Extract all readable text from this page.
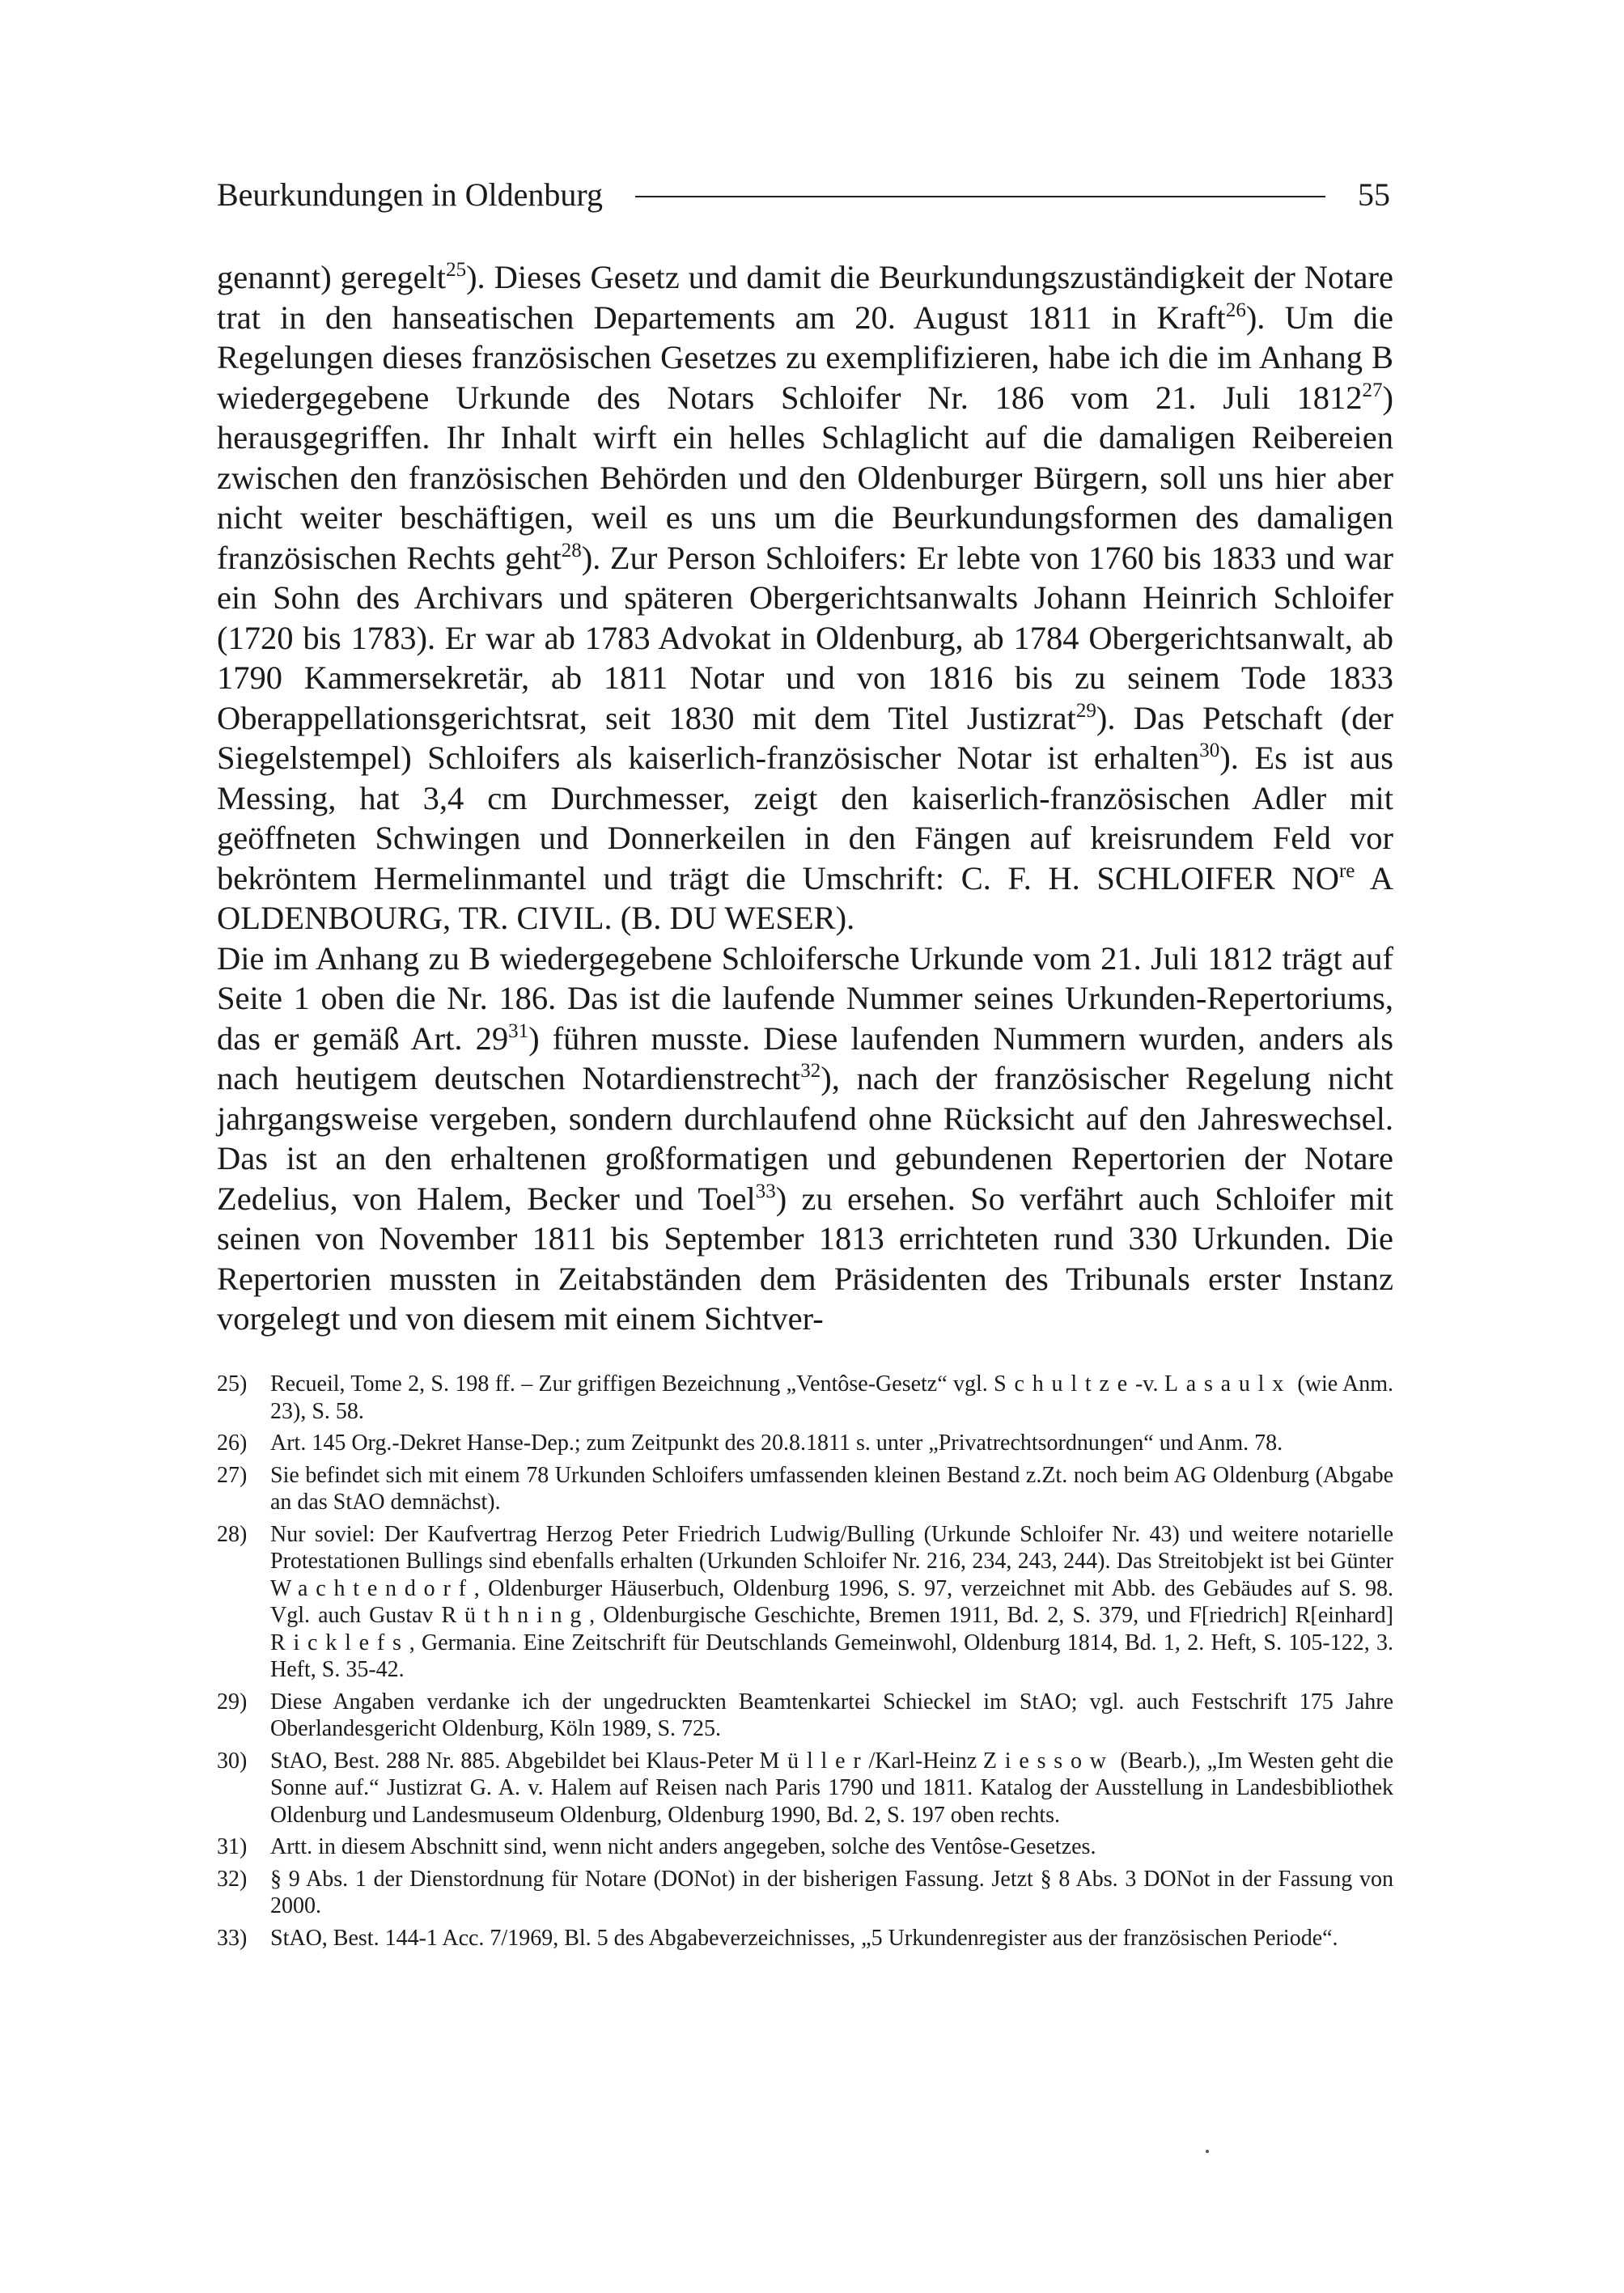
Beurkundungen in Oldenburg	55

genannt) geregelt$^{25}$). Dieses Gesetz und damit die Beurkundungszuständigkeit der Notare trat in den hanseatischen Departements am 20. August 1811 in Kraft$^{26}$). Um die Regelungen dieses französischen Gesetzes zu exemplifizieren, habe ich die im Anhang B wiedergegebene Urkunde des Notars Schloifer Nr. 186 vom 21. Juli 1812$^{27}$) herausgegriffen. Ihr Inhalt wirft ein helles Schlaglicht auf die damaligen Reibereien zwischen den französischen Behörden und den Oldenburger Bürgern, soll uns hier aber nicht weiter beschäftigen, weil es uns um die Beurkundungsformen des damaligen französischen Rechts geht$^{28}$). Zur Person Schloifers: Er lebte von 1760 bis 1833 und war ein Sohn des Archivars und späteren Obergerichtsanwalts Johann Heinrich Schloifer (1720 bis 1783). Er war ab 1783 Advokat in Oldenburg, ab 1784 Obergerichtsanwalt, ab 1790 Kammersekretär, ab 1811 Notar und von 1816 bis zu seinem Tode 1833 Oberappellationsgerichtsrat, seit 1830 mit dem Titel Justizrat$^{29}$). Das Petschaft (der Siegelstempel) Schloifers als kaiserlich-französischer Notar ist erhalten$^{30}$). Es ist aus Messing, hat 3,4 cm Durchmesser, zeigt den kaiserlich-französischen Adler mit geöffneten Schwingen und Donnerkeilen in den Fängen auf kreisrundem Feld vor bekröntem Hermelinmantel und trägt die Umschrift: C. F. H. SCHLOIFER $NO^{re}$ A OLDENBOURG, TR. CIVIL. (B. DU WESER).

Die im Anhang zu B wiedergegebene Schloifersche Urkunde vom 21. Juli 1812 trägt auf Seite 1 oben die Nr. 186. Das ist die laufende Nummer seines Urkunden-Repertoriums, das er gemäß Art. $29^{31}$) führen musste. Diese laufenden Nummern wurden, anders als nach heutigem deutschen Notardienstrecht$^{32}$), nach der französischer Regelung nicht jahrgangsweise vergeben, sondern durchlaufend ohne Rücksicht auf den Jahreswechsel. Das ist an den erhaltenen großformatigen und gebundenen Repertorien der Notare Zedelius, von Halem, Becker und Toel$^{33}$) zu ersehen. So verfährt auch Schloifer mit seinen von November 1811 bis September 1813 errichteten rund 330 Urkunden. Die Repertorien mussten in Zeitabständen dem Präsidenten des Tribunals erster Instanz vorgelegt und von diesem mit einem Sichtver-

25)	Recueil, Tome 2, S. 198 ff. – Zur griffigen Bezeichnung „Ventôse-Gesetz“ vgl. Schultze-v. Lasaulx (wie Anm. 23), S. 58.
26)	Art. 145 Org.-Dekret Hanse-Dep.; zum Zeitpunkt des 20.8.1811 s. unter „Privatrechtsordnungen“ und Anm. 78.
27)	Sie befindet sich mit einem 78 Urkunden Schloifers umfassenden kleinen Bestand z.Zt. noch beim AG Oldenburg (Abgabe an das StAO demnächst).
28)	Nur soviel: Der Kaufvertrag Herzog Peter Friedrich Ludwig/Bulling (Urkunde Schloifer Nr. 43) und weitere notarielle Protestationen Bullings sind ebenfalls erhalten (Urkunden Schloifer Nr. 216, 234, 243, 244). Das Streitobjekt ist bei Günter Wachtendorf, Oldenburger Häuserbuch, Oldenburg 1996, S. 97, verzeichnet mit Abb. des Gebäudes auf S. 98. Vgl. auch Gustav Rüthning, Oldenburgische Geschichte, Bremen 1911, Bd. 2, S. 379, und F[riedrich] R[einhard] Ricklefs, Germania. Eine Zeitschrift für Deutschlands Gemeinwohl, Oldenburg 1814, Bd. 1, 2. Heft, S. 105-122, 3. Heft, S. 35-42.
29)	Diese Angaben verdanke ich der ungedruckten Beamtenkartei Schieckel im StAO; vgl. auch Festschrift 175 Jahre Oberlandesgericht Oldenburg, Köln 1989, S. 725.
30)	StAO, Best. 288 Nr. 885. Abgebildet bei Klaus-Peter Müller/Karl-Heinz Ziessow (Bearb.), „Im Westen geht die Sonne auf.“ Justizrat G. A. v. Halem auf Reisen nach Paris 1790 und 1811. Katalog der Ausstellung in Landesbibliothek Oldenburg und Landesmuseum Oldenburg, Oldenburg 1990, Bd. 2, S. 197 oben rechts.
31)	Artt. in diesem Abschnitt sind, wenn nicht anders angegeben, solche des Ventôse-Gesetzes.
32)	§ 9 Abs. 1 der Dienstordnung für Notare (DONot) in der bisherigen Fassung. Jetzt § 8 Abs. 3 DONot in der Fassung von 2000.
33)	StAO, Best. 144-1 Acc. 7/1969, Bl. 5 des Abgabeverzeichnisses, „5 Urkundenregister aus der französischen Periode“.
